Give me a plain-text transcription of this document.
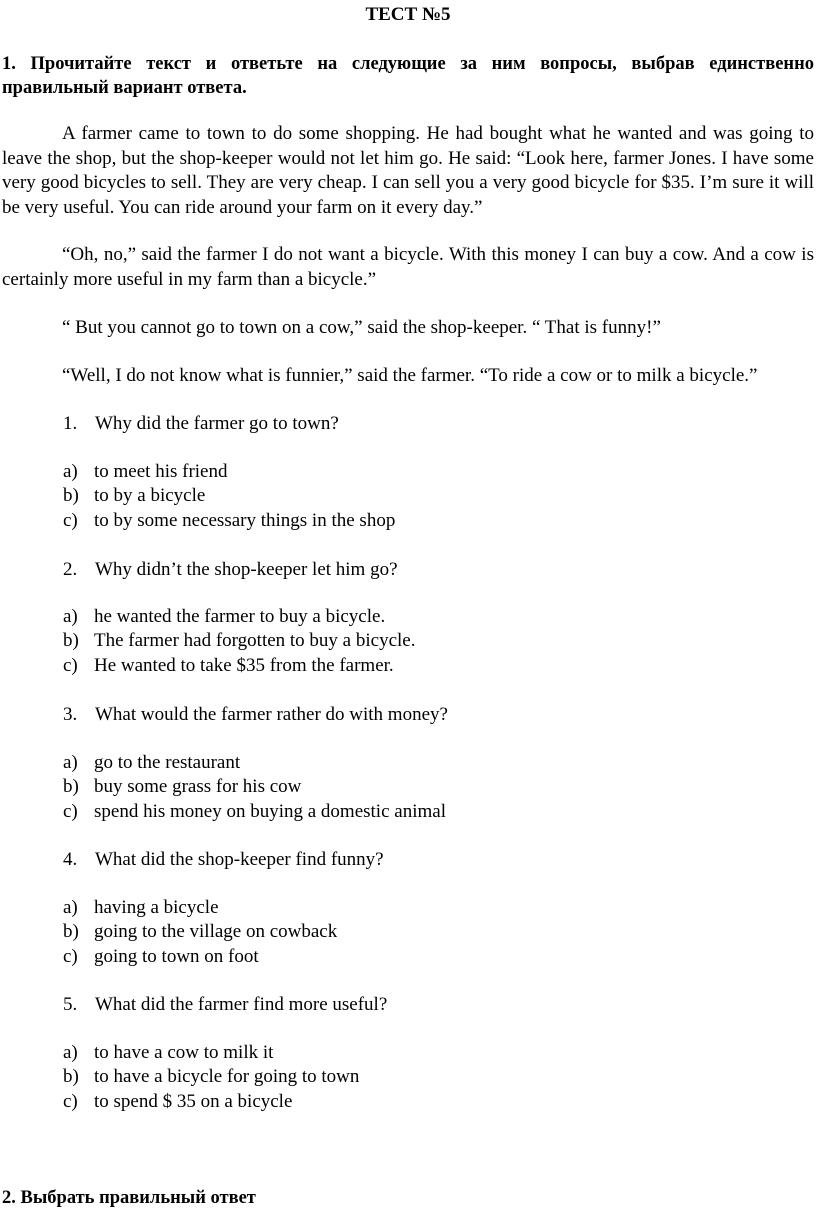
ТЕСТ №5
1. Прочитайте текст и ответьте на следующие за ним вопросы, выбрав единственно правильный вариант ответа.

A farmer came to town to do some shopping. He had bought what he wanted and was going to leave the shop, but the shop-keeper would not let him go. He said: “Look here, farmer Jones. I have some very good bicycles to sell. They are very cheap. I can sell you a very good bicycle for $35. I’m sure it will be very useful. You can ride around your farm on it every day.”

“Oh, no,” said the farmer I do not want a bicycle. With this money I can buy a cow. And a cow is certainly more useful in my farm than a bicycle.”

“ But you cannot go to town on a cow,” said the shop-keeper. “ That is funny!”

“Well, I do not know what is funnier,” said the farmer. “To ride a cow or to milk a bicycle.”

1. Why did the farmer go to town?
a) to meet his friend
b) to by a bicycle
c) to by some necessary things in the shop
2. Why didn’t the shop-keeper let him go?
a) he wanted the farmer to buy a bicycle.
b) The farmer had forgotten to buy a bicycle.
c) He wanted to take $35 from the farmer.
3. What would the farmer rather do with money?
a) go to the restaurant
b) buy some grass for his cow
c) spend his money on buying a domestic animal
4. What did the shop-keeper find funny?
a) having a bicycle
b) going to the village on cowback
c) going to town on foot
5. What did the farmer find more useful?
a) to have a cow to milk it
b) to have a bicycle for going to town
c) to spend $ 35 on a bicycle
2. Выбрать правильный ответ
